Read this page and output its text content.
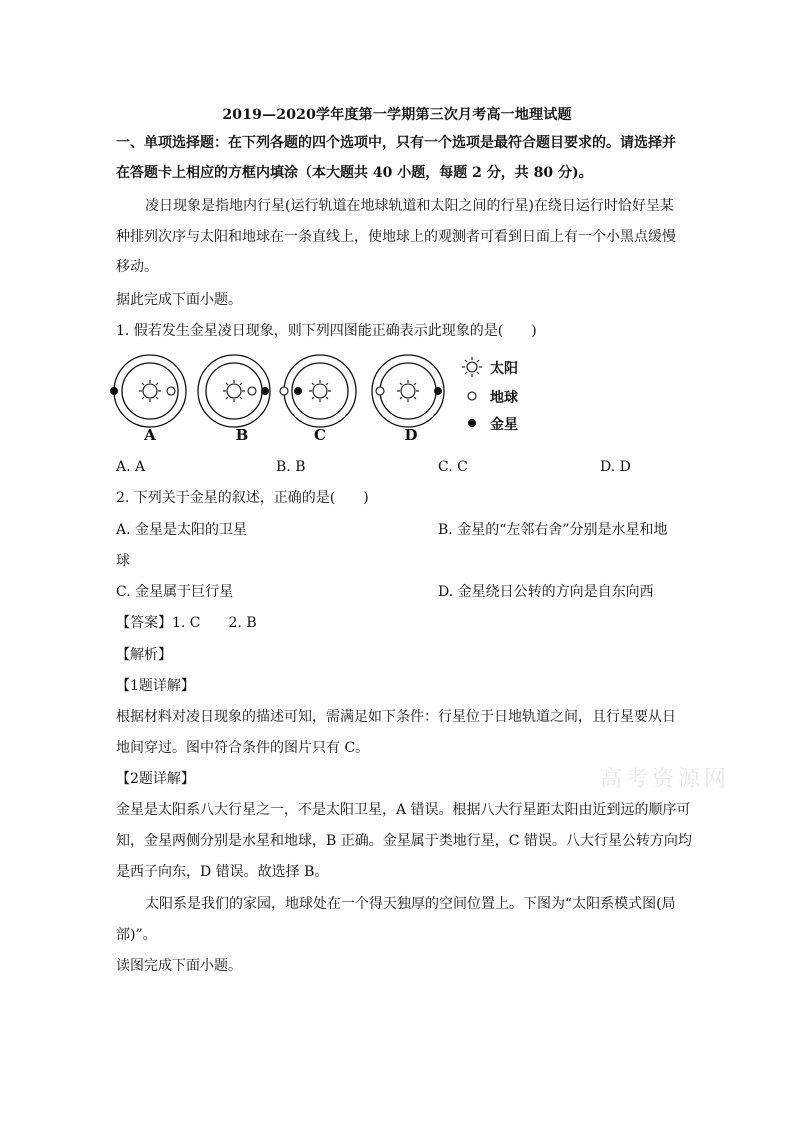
2019—2020学年度第一学期第三次月考高一地理试题
一、单项选择题：在下列各题的四个选项中，只有一个选项是最符合题目要求的。请选择并
在答题卡上相应的方框内填涂（本大题共 40 小题，每题 2 分，共 80 分)。
凌日现象是指地内行星(运行轨道在地球轨道和太阳之间的行星)在绕日运行时恰好呈某
种排列次序与太阳和地球在一条直线上，使地球上的观测者可看到日面上有一个小黑点缓慢
移动。
据此完成下面小题。
1. 假若发生金星凌日现象，则下列四图能正确表示此现象的是(　　)
A	B	C	D
太阳
地球
金星
A. A	B. B	C. C	D. D
2. 下列关于金星的叙述，正确的是(　　)
A. 金星是太阳的卫星	B. 金星的“左邻右舍”分别是水星和地
球
C. 金星属于巨行星	D. 金星绕日公转的方向是自东向西
【答案】1. C　　2. B
【解析】
【1题详解】
根据材料对凌日现象的描述可知，需满足如下条件：行星位于日地轨道之间，且行星要从日
地间穿过。图中符合条件的图片只有 C。
【2题详解】
金星是太阳系八大行星之一，不是太阳卫星，A 错误。根据八大行星距太阳由近到远的顺序可
知，金星两侧分别是水星和地球，B 正确。金星属于类地行星，C 错误。八大行星公转方向均
是西子向东，D 错误。故选择 B。
太阳系是我们的家园，地球处在一个得天独厚的空间位置上。下图为“太阳系模式图(局
部)”。
读图完成下面小题。
高考资源网
